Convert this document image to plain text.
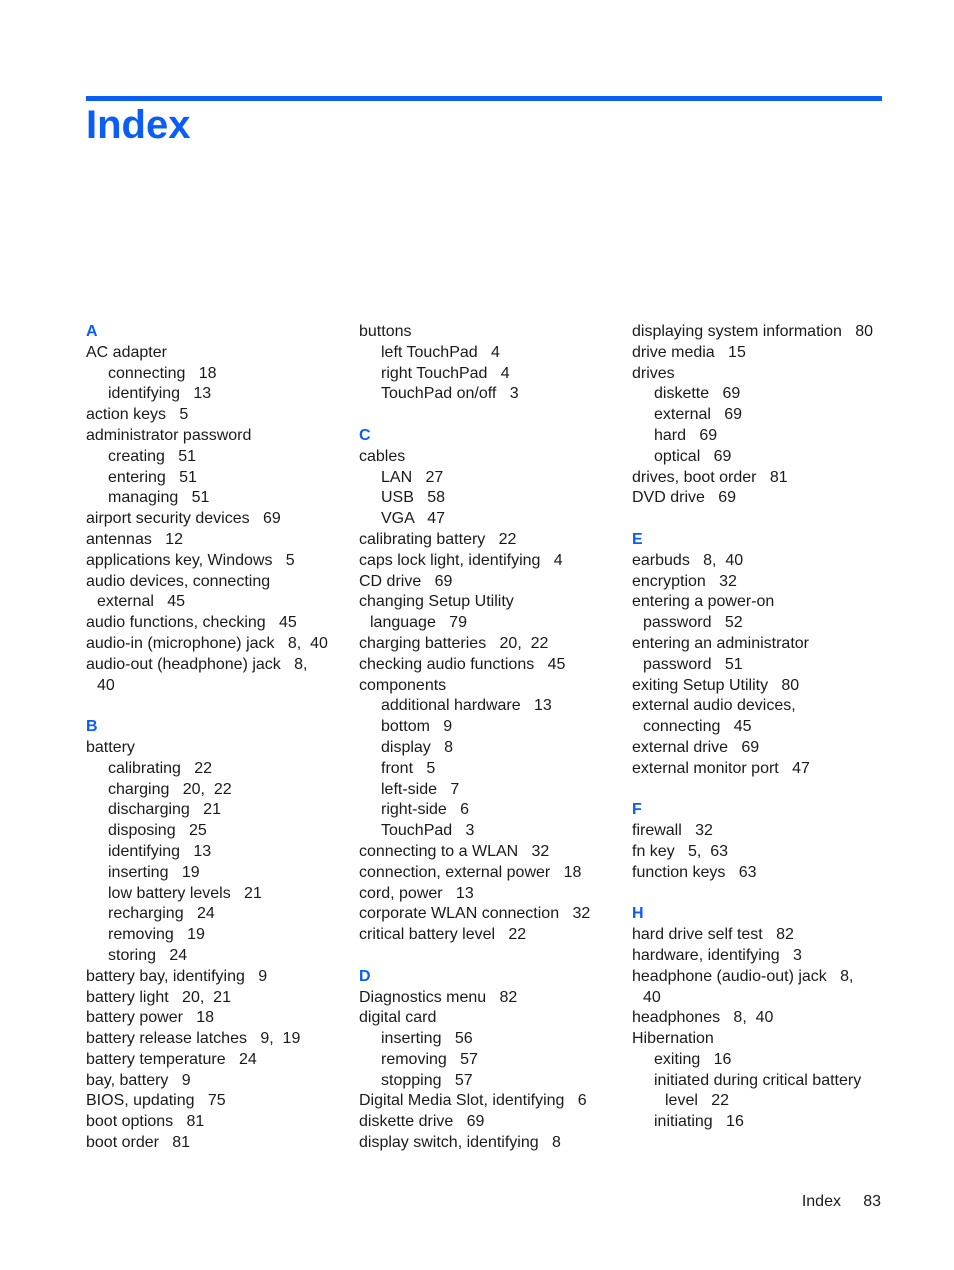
Index
A
AC adapter
connecting   18
identifying   13
action keys   5
administrator password
creating   51
entering   51
managing   51
airport security devices   69
antennas   12
applications key, Windows   5
audio devices, connecting
external   45
audio functions, checking   45
audio-in (microphone) jack   8,  40
audio-out (headphone) jack   8,
40
B
battery
calibrating   22
charging   20,  22
discharging   21
disposing   25
identifying   13
inserting   19
low battery levels   21
recharging   24
removing   19
storing   24
battery bay, identifying   9
battery light   20,  21
battery power   18
battery release latches   9,  19
battery temperature   24
bay, battery   9
BIOS, updating   75
boot options   81
boot order   81
buttons
left TouchPad   4
right TouchPad   4
TouchPad on/off   3
C
cables
LAN   27
USB   58
VGA   47
calibrating battery   22
caps lock light, identifying   4
CD drive   69
changing Setup Utility
language   79
charging batteries   20,  22
checking audio functions   45
components
additional hardware   13
bottom   9
display   8
front   5
left-side   7
right-side   6
TouchPad   3
connecting to a WLAN   32
connection, external power   18
cord, power   13
corporate WLAN connection   32
critical battery level   22
D
Diagnostics menu   82
digital card
inserting   56
removing   57
stopping   57
Digital Media Slot, identifying   6
diskette drive   69
display switch, identifying   8
displaying system information   80
drive media   15
drives
diskette   69
external   69
hard   69
optical   69
drives, boot order   81
DVD drive   69
E
earbuds   8,  40
encryption   32
entering a power-on
password   52
entering an administrator
password   51
exiting Setup Utility   80
external audio devices,
connecting   45
external drive   69
external monitor port   47
F
firewall   32
fn key   5,  63
function keys   63
H
hard drive self test   82
hardware, identifying   3
headphone (audio-out) jack   8,
40
headphones   8,  40
Hibernation
exiting   16
initiated during critical battery
level   22
initiating   16
Index 83
